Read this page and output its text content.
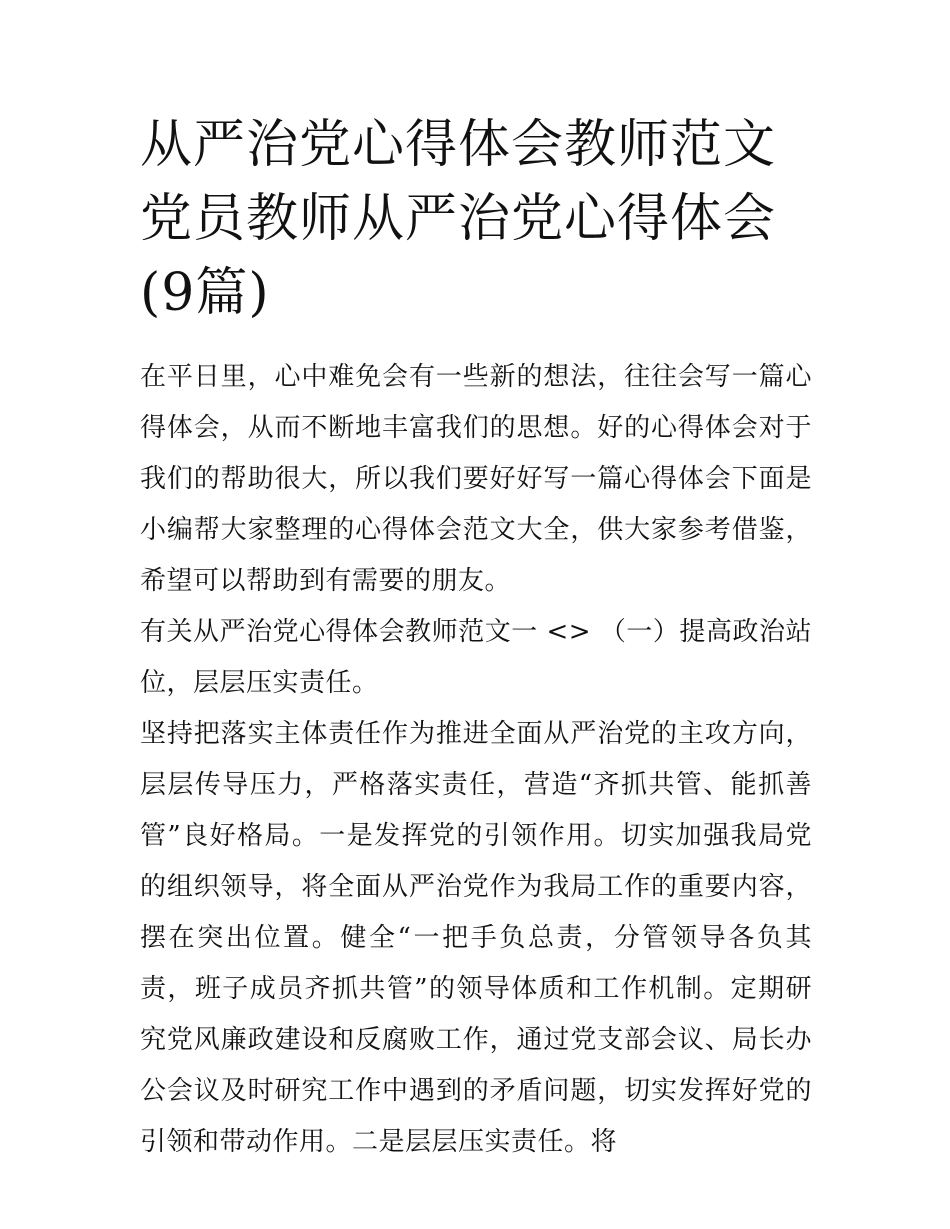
从严治党心得体会教师范文 党员教师从严治党心得体会(9篇)

在平日里，心中难免会有一些新的想法，往往会写一篇心得体会，从而不断地丰富我们的思想。好的心得体会对于我们的帮助很大，所以我们要好好写一篇心得体会下面是小编帮大家整理的心得体会范文大全，供大家参考借鉴，希望可以帮助到有需要的朋友。

有关从严治党心得体会教师范文一 <> （一）提高政治站位，层层压实责任。

坚持把落实主体责任作为推进全面从严治党的主攻方向，层层传导压力，严格落实责任，营造“齐抓共管、能抓善管”良好格局。一是发挥党的引领作用。切实加强我局党的组织领导，将全面从严治党作为我局工作的重要内容，摆在突出位置。健全“一把手负总责，分管领导各负其责，班子成员齐抓共管”的领导体质和工作机制。定期研究党风廉政建设和反腐败工作，通过党支部会议、局长办公会议及时研究工作中遇到的矛盾问题，切实发挥好党的引领和带动作用。二是层层压实责任。将
